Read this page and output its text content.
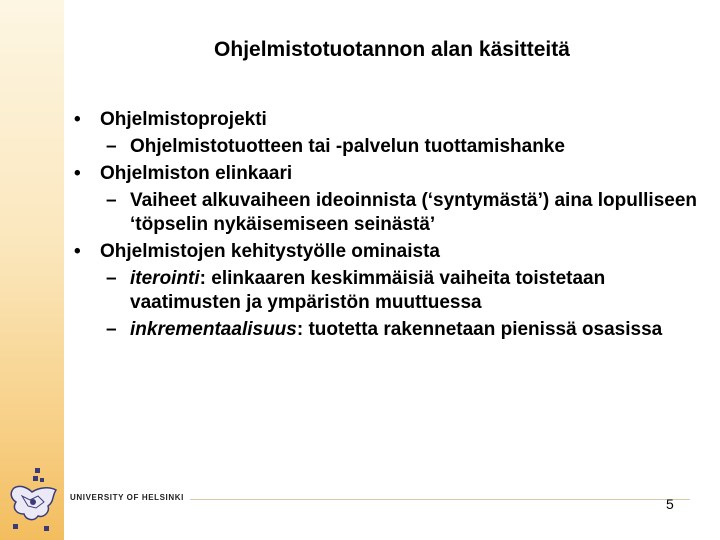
Ohjelmistotuotannon alan käsitteitä
• Ohjelmistoprojekti
– Ohjelmistotuotteen tai -palvelun tuottamishanke
• Ohjelmiston elinkaari
– Vaiheet alkuvaiheen ideoinnista (‘syntymästä’) aina lopulliseen ‘töpselin nykäisemiseen seinästä’
• Ohjelmistojen kehitystyölle ominaista
– iterointi: elinkaaren keskimmäisiä vaiheita toistetaan vaatimusten ja ympäristön muuttuessa
– inkrementaalisuus: tuotetta rakennetaan pienissä osasissa
UNIVERSITY OF HELSINKI	5
